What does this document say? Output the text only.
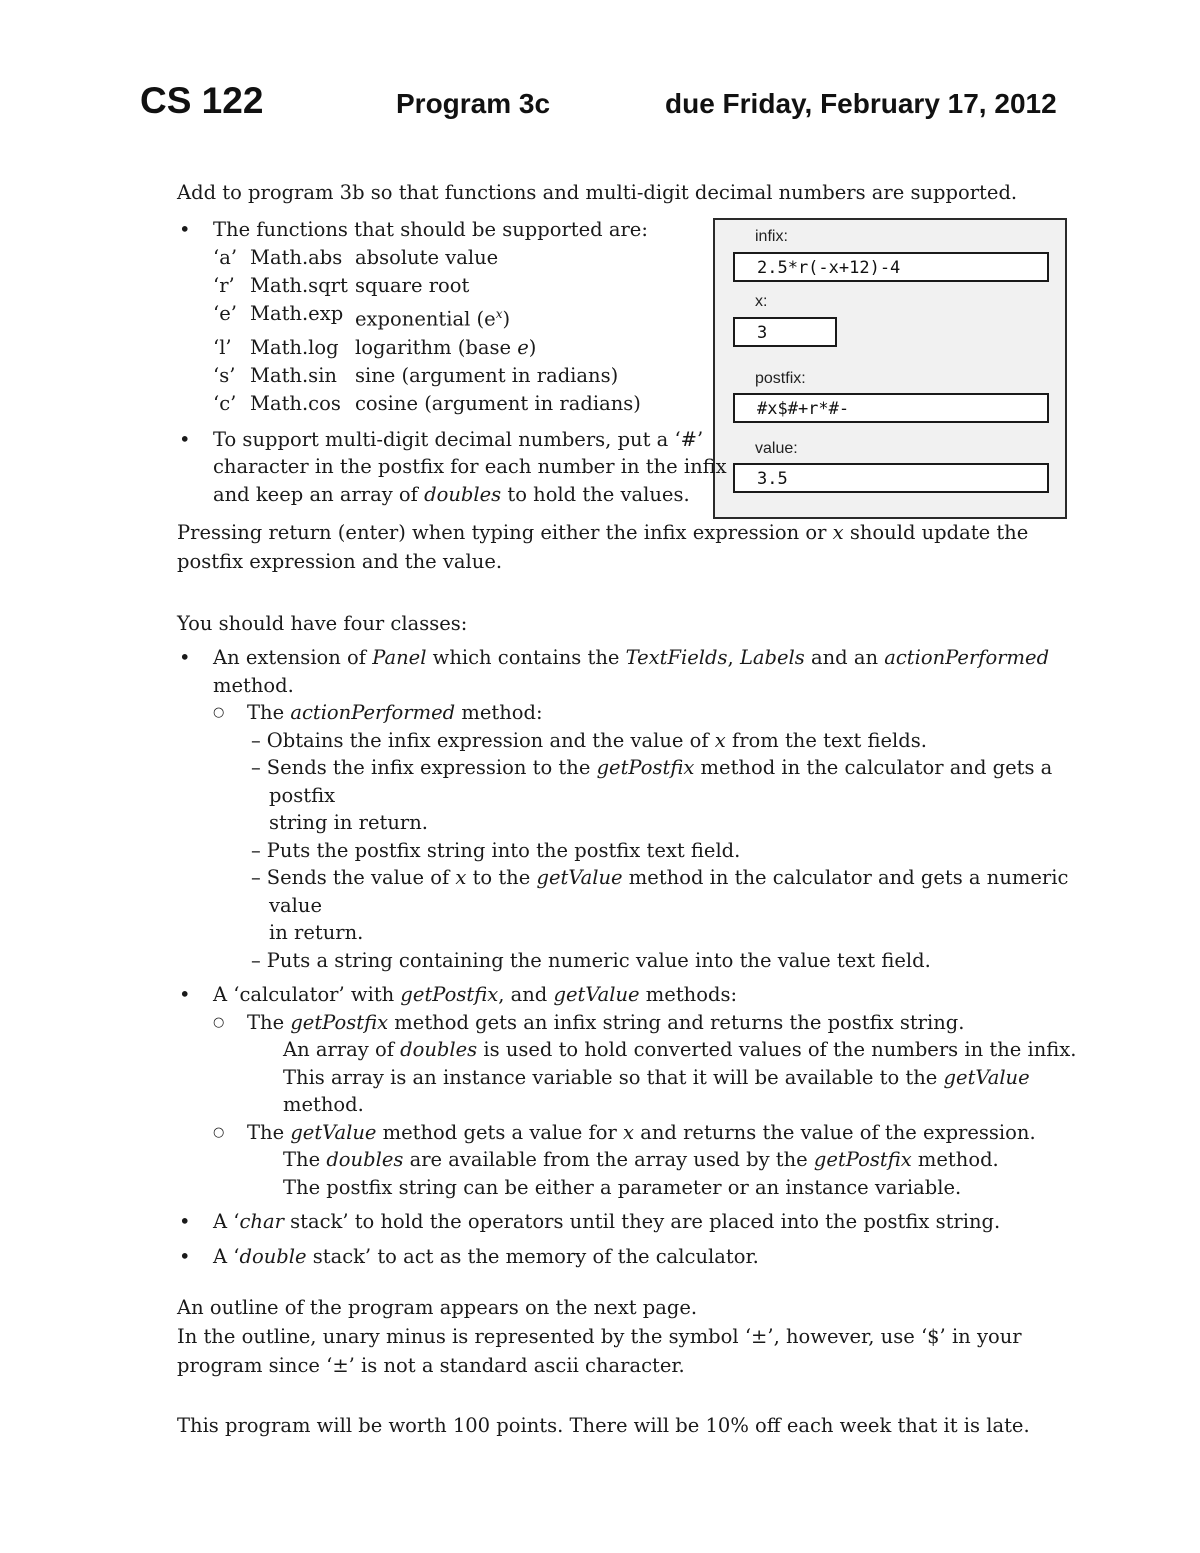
CS 122	Program 3c	due Friday, February 17, 2012
infix:
2.5*r(-x+12)-4
x:
3
postfix:
#x$#+r*#-
value:
3.5

Add to program 3b so that functions and multi-digit decimal numbers are supported.

• The functions that should be supported are:
‘a’ Math.abs absolute value
‘r’ Math.sqrt square root
‘e’ Math.exp exponential $(e^x)$
‘l’ Math.log logarithm (base e)
‘s’ Math.sin sine (argument in radians)
‘c’ Math.cos cosine (argument in radians)
• To support multi-digit decimal numbers, put a ‘#’
character in the postfix for each number in the infix
and keep an array of doubles to hold the values.

Pressing return (enter) when typing either the infix expression or x should update the
postfix expression and the value.

You should have four classes:

• An extension of Panel which contains the TextFields, Labels and an actionPerformed method.
○ The actionPerformed method:
– Obtains the infix expression and the value of x from the text fields.
– Sends the infix expression to the getPostfix method in the calculator and gets a postfix
string in return.
– Puts the postfix string into the postfix text field.
– Sends the value of x to the getValue method in the calculator and gets a numeric value
in return.
– Puts a string containing the numeric value into the value text field.
• A ‘calculator’ with getPostfix, and getValue methods:
○ The getPostfix method gets an infix string and returns the postfix string.
An array of doubles is used to hold converted values of the numbers in the infix.
This array is an instance variable so that it will be available to the getValue method.
○ The getValue method gets a value for x and returns the value of the expression.
The doubles are available from the array used by the getPostfix method.
The postfix string can be either a parameter or an instance variable.
• A ‘char stack’ to hold the operators until they are placed into the postfix string.
• A ‘double stack’ to act as the memory of the calculator.

An outline of the program appears on the next page.
In the outline, unary minus is represented by the symbol ‘±’, however, use ‘$’ in your
program since ‘±’ is not a standard ascii character.

This program will be worth 100 points. There will be 10% off each week that it is late.
